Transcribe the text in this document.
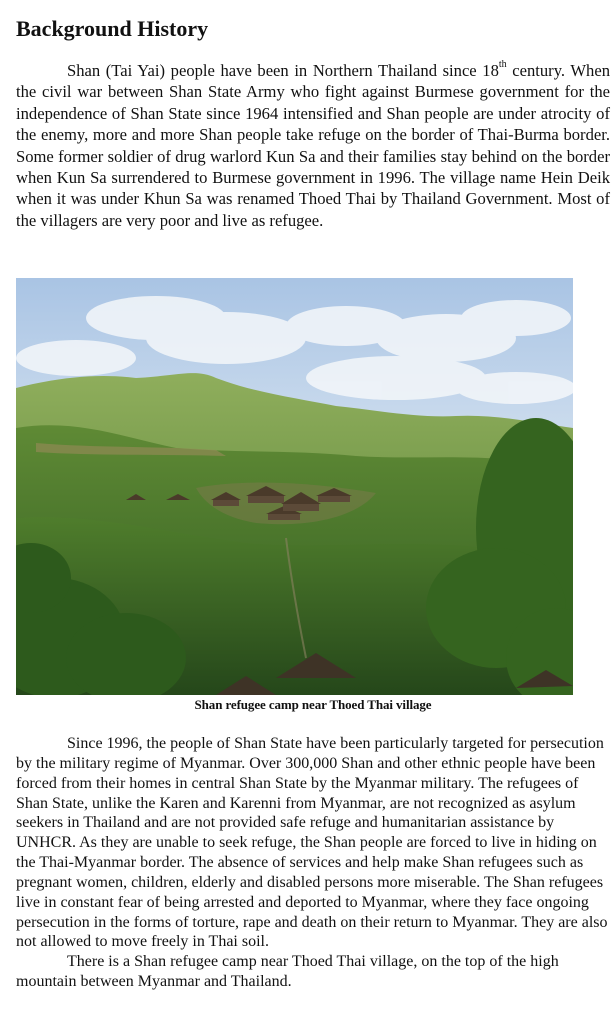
Background History

Shan (Tai Yai) people have been in Northern Thailand since 18th century. When the civil war between Shan State Army who fight against Burmese government for the independence of Shan State since 1964 intensified and Shan people are under atrocity of the enemy, more and more Shan people take refuge on the border of Thai-Burma border. Some former soldier of drug warlord Kun Sa and their families stay behind on the border when Kun Sa surrendered to Burmese government in 1996. The village name Hein Deik when it was under Khun Sa was renamed Thoed Thai by Thailand Government. Most of the villagers are very poor and live as refugee.

Shan refugee camp near Thoed Thai village

Since 1996, the people of Shan State have been particularly targeted for persecution by the military regime of Myanmar. Over 300,000 Shan and other ethnic people have been forced from their homes in central Shan State by the Myanmar military. The refugees of Shan State, unlike the Karen and Karenni from Myanmar, are not recognized as asylum seekers in Thailand and are not provided safe refuge and humanitarian assistance by UNHCR. As they are unable to seek refuge, the Shan people are forced to live in hiding on the Thai-Myanmar border. The absence of services and help make Shan refugees such as pregnant women, children, elderly and disabled persons more miserable. The Shan refugees live in constant fear of being arrested and deported to Myanmar, where they face ongoing persecution in the forms of torture, rape and death on their return to Myanmar. They are also not allowed to move freely in Thai soil.

There is a Shan refugee camp near Thoed Thai village, on the top of the high mountain between Myanmar and Thailand.
